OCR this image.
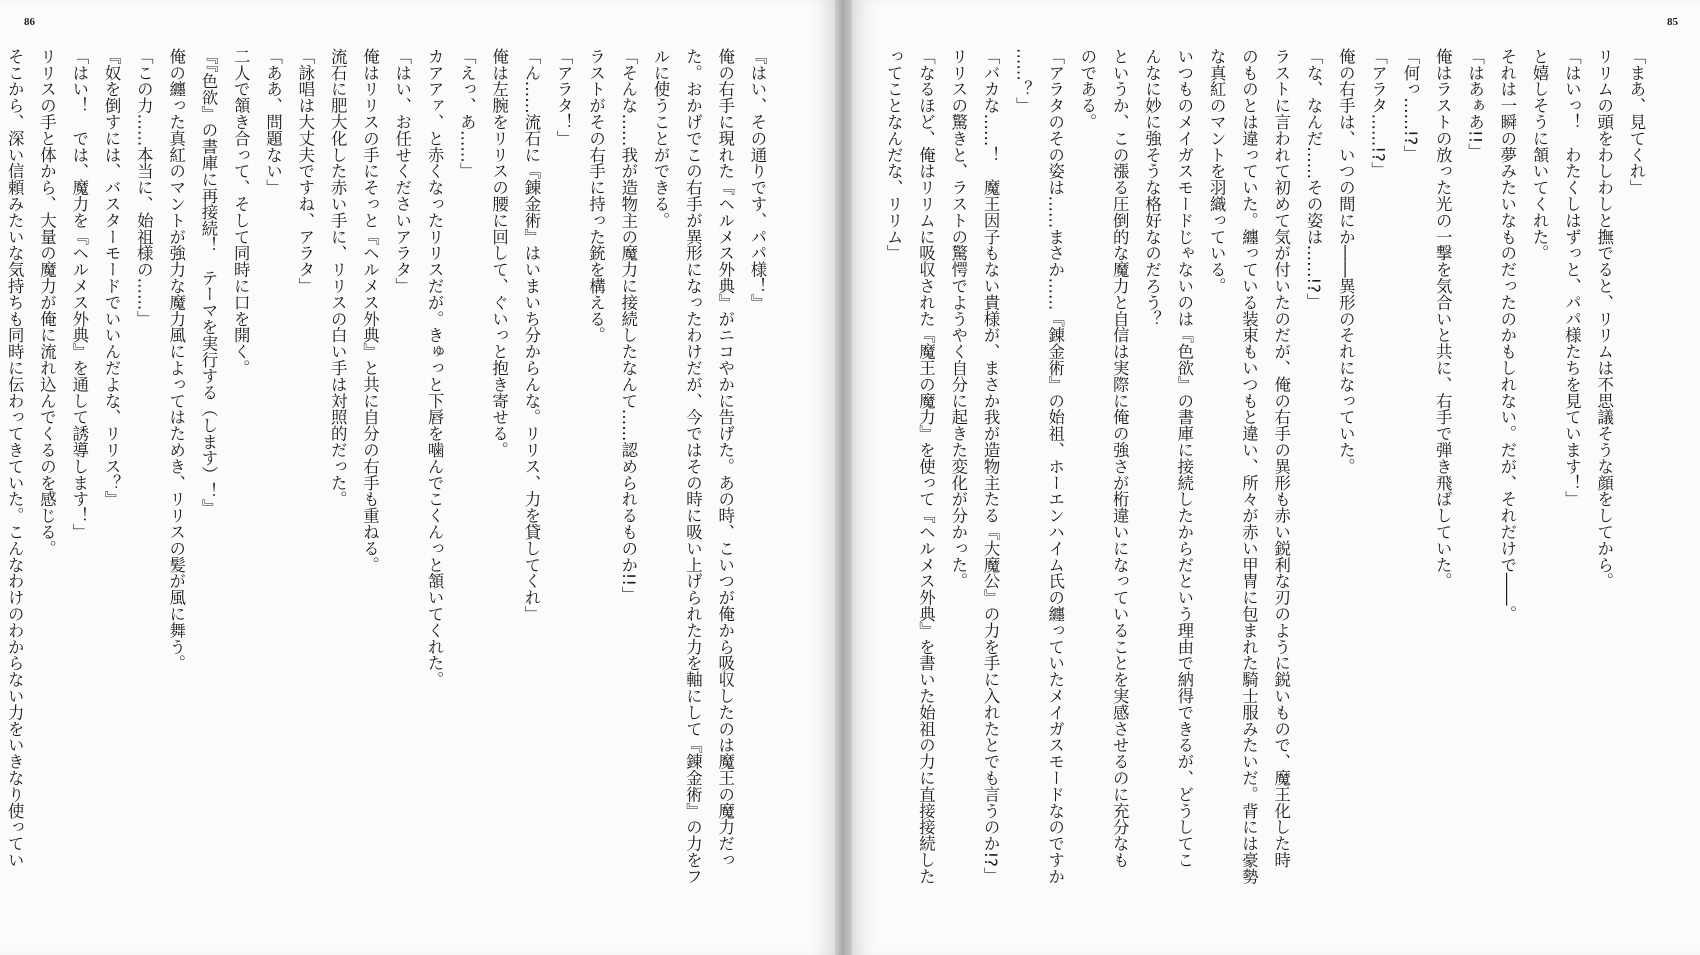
86
『はい、その通りです、パパ様！』
俺の右手に現れた『ヘルメス外典』がニコやかに告げた。あの時、こいつが俺から吸収したのは魔王の魔力だっ
た。おかげでこの右手が異形になったわけだが、今ではその時に吸い上げられた力を軸にして『錬金術』の力をフ
ルに使うことができる。
「そんな……我が造物主の魔力に接続したなんて……認められるものか!!」
ラストがその右手に持った銃を構える。
「アラタ！」
「ん……流石に『錬金術』はいまいち分からんな。リリス、力を貸してくれ」
俺は左腕をリリスの腰に回して、ぐいっと抱き寄せる。
「えっ、あ……」
カアアァ、と赤くなったリリスだが。きゅっと下唇を噛んでこくんっと頷いてくれた。
「はい、お任せくださいアラタ」
俺はリリスの手にそっと『ヘルメス外典』と共に自分の右手も重ねる。
流石に肥大化した赤い手に、リリスの白い手は対照的だった。
「詠唱は大丈夫ですね、アラタ」
「ああ、問題ない」
二人で頷き合って、そして同時に口を開く。
『『色欲』の書庫に再接続！　テーマを実行する（します）！』
俺の纏った真紅のマントが強力な魔力風によってはためき、リリスの髪が風に舞う。
「この力……本当に、始祖様の……」
『奴を倒すには、バスターモードでいいんだよな、リリス？』
「はい！　では、魔力を『ヘルメス外典』を通して誘導します！」
リリスの手と体から、大量の魔力が俺に流れ込んでくるのを感じる。
そこから、深い信頼みたいな気持ちも同時に伝わってきていた。こんなわけのわからない力をいきなり使ってい
85
「まあ、見てくれ」
リリムの頭をわしわしと撫でると、リリムは不思議そうな顔をしてから。
「はいっ！　わたくしはずっと、パパ様たちを見ています！」
と嬉しそうに頷いてくれた。
それは一瞬の夢みたいなものだったのかもしれない。だが、それだけで――。
「はあぁあ!!」
俺はラストの放った光の一撃を気合いと共に、右手で弾き飛ばしていた。
「何っ……!?」
「アラタ……!?」
俺の右手は、いつの間にか――異形のそれになっていた。
「な、なんだ……その姿は……!?」
ラストに言われて初めて気が付いたのだが、俺の右手の異形も赤い鋭利な刃のように鋭いもので、魔王化した時
のものとは違っていた。纏っている装束もいつもと違い、所々が赤い甲冑に包まれた騎士服みたいだ。背には豪勢
な真紅のマントを羽織っている。
いつものメイガスモードじゃないのは『色欲』の書庫に接続したからだという理由で納得できるが、どうしてこ
んなに妙に強そうな格好なのだろう？
というか、この漲る圧倒的な魔力と自信は実際に俺の強さが桁違いになっていることを実感させるのに充分なも
のである。
「アラタのその姿は……まさか……『錬金術』の始祖、ホーエンハイム氏の纏っていたメイガスモードなのですか
……？」
「バカな……！　魔王因子もない貴様が、まさか我が造物主たる『大魔公』の力を手に入れたとでも言うのか!?」
リリスの驚きと、ラストの驚愕でようやく自分に起きた変化が分かった。
「なるほど、俺はリリムに吸収された『魔王の魔力』を使って『ヘルメス外典』を書いた始祖の力に直接接続した
ってことなんだな、リリム」
